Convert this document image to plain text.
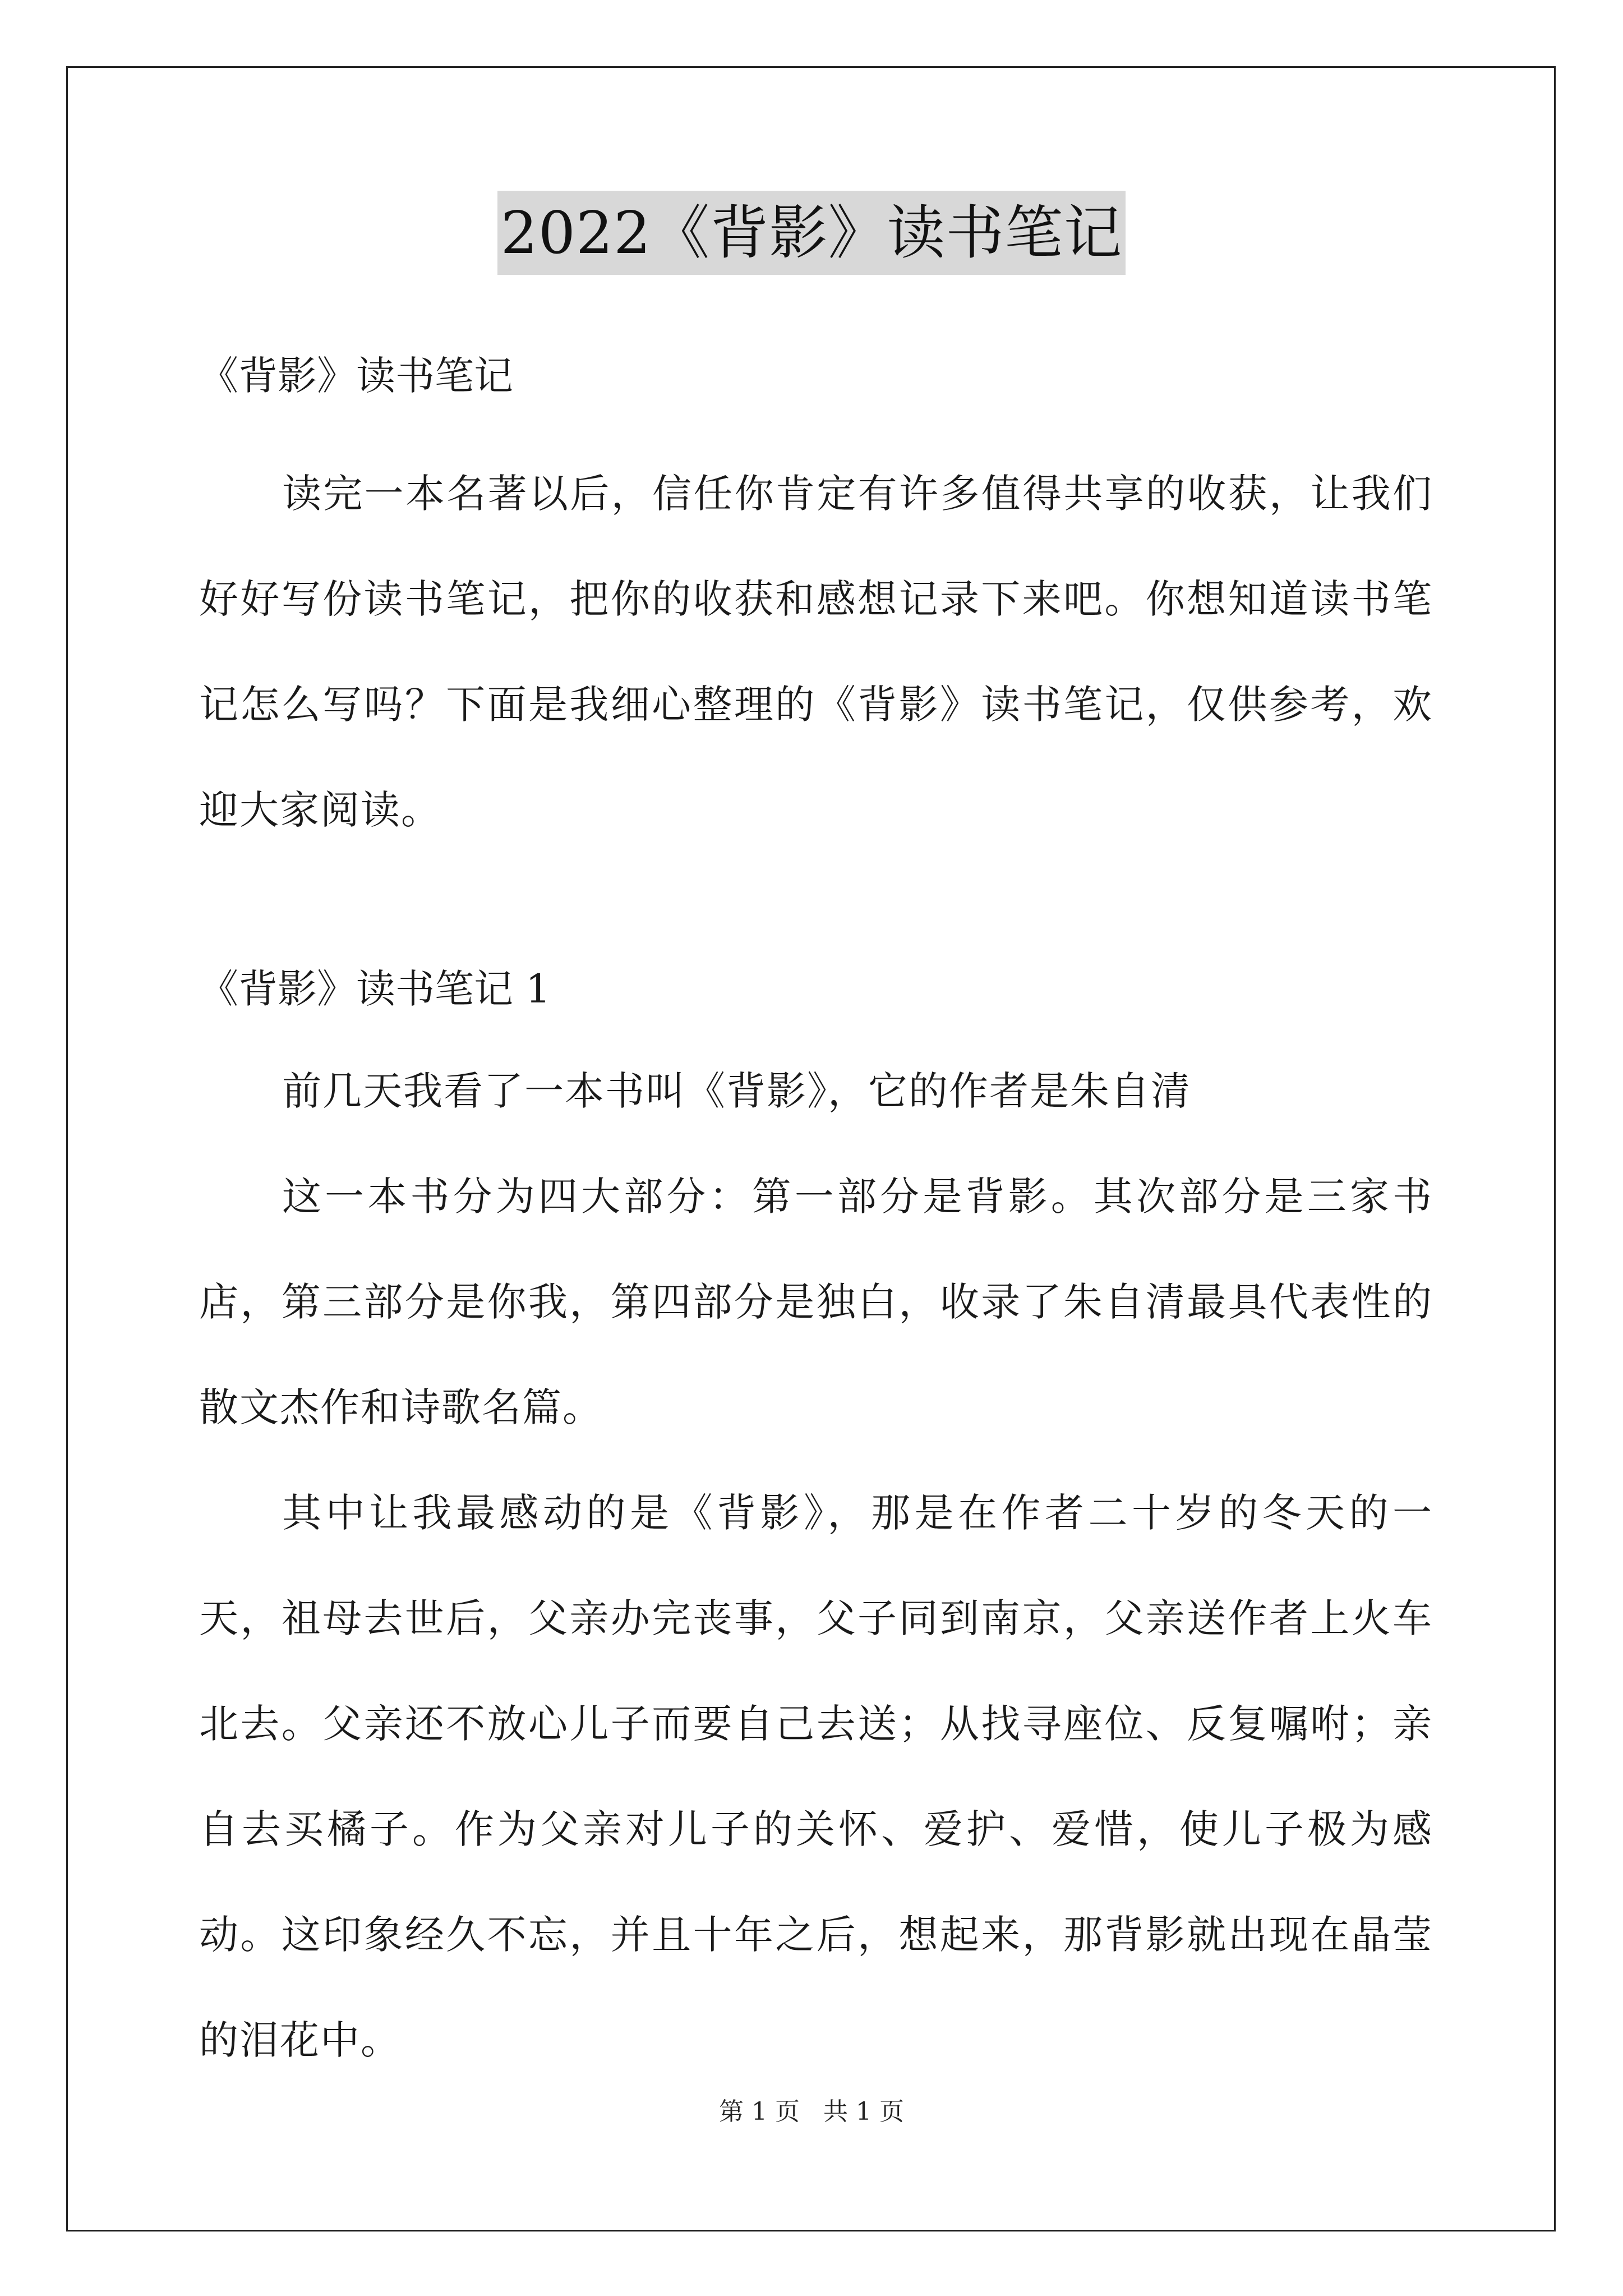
2022《背影》读书笔记

《背影》读书笔记

读完一本名著以后，信任你肯定有许多值得共享的收获，让我们好好写份读书笔记，把你的收获和感想记录下来吧。你想知道读书笔记怎么写吗？下面是我细心整理的《背影》读书笔记，仅供参考，欢迎大家阅读。

《背影》读书笔记 1

前几天我看了一本书叫《背影》，它的作者是朱自清

这一本书分为四大部分：第一部分是背影。其次部分是三家书店，第三部分是你我，第四部分是独白，收录了朱自清最具代表性的散文杰作和诗歌名篇。

其中让我最感动的是《背影》，那是在作者二十岁的冬天的一天，祖母去世后，父亲办完丧事，父子同到南京，父亲送作者上火车北去。父亲还不放心儿子而要自己去送；从找寻座位、反复嘱咐；亲自去买橘子。作为父亲对儿子的关怀、爱护、爱惜，使儿子极为感动。这印象经久不忘，并且十年之后，想起来，那背影就出现在晶莹的泪花中。

第 1 页 共 1 页
